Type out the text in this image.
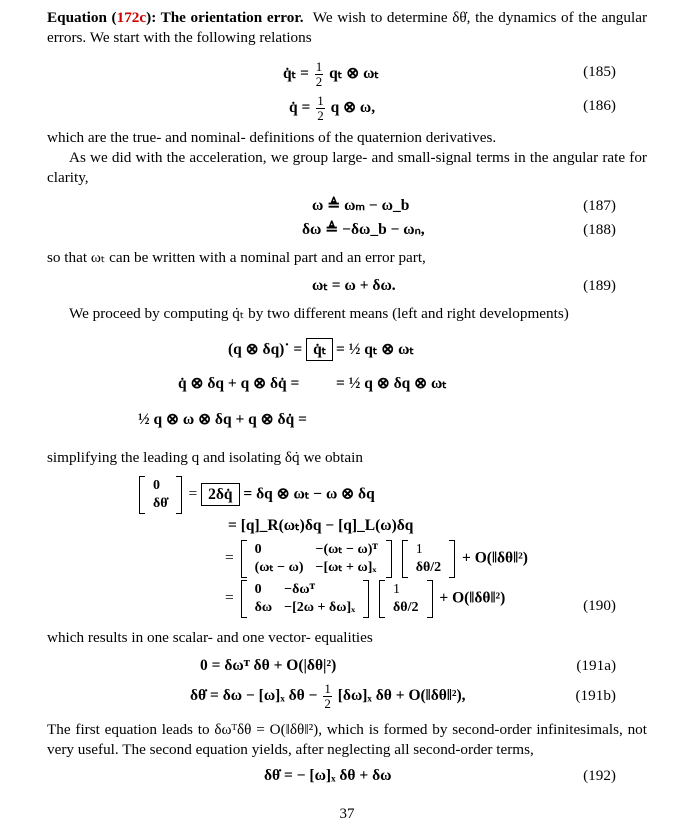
Equation (172c): The orientation error. We wish to determine δθ̇, the dynamics of the angular errors. We start with the following relations
q̇ₜ = $\frac{1}{2}$ qₜ ⊗ ωₜ	(185)
q̇ = $\frac{1}{2}$ q ⊗ ω,	(186)
which are the true- and nominal- definitions of the quaternion derivatives.
As we did with the acceleration, we group large- and small-signal terms in the angular rate for clarity,
ω ≜ ωₘ − ω_b	(187)
δω ≜ −δω_b − ωₙ,	(188)
so that ωₜ can be written with a nominal part and an error part,
ωₜ = ω + δω.	(189)
We proceed by computing q̇ₜ by two different means (left and right developments)
(q ⊗ δq)˙ = q̇ₜ = ½ qₜ ⊗ ωₜ
q̇ ⊗ δq + q ⊗ δq̇ = = ½ q ⊗ δq ⊗ ωₜ
½ q ⊗ ω ⊗ δq + q ⊗ δq̇ =
simplifying the leading q and isolating δq̇ we obtain
0
δθ̇
= 2δq̇ = δq ⊗ ωₜ − ω ⊗ δq
= [q]_R(ωₜ)δq − [q]_L(ω)δq
=
0	−(ωₜ − ω)ᵀ
(ωₜ − ω)	−[ωₜ + ω]ₓ

1
δθ/2
+ O(‖δθ‖²)
=
0	−δωᵀ
δω	−[2ω + δω]ₓ

1
δθ/2
+ O(‖δθ‖²)	(190)
which results in one scalar- and one vector- equalities
0 = δωᵀ δθ + O(|δθ|²)	(191a)
δθ̇ = δω − [ω]ₓ $\delta\theta - \frac{1}{2} [\delta\omega]_x$ δθ + O(‖δθ‖²),	(191b)
The first equation leads to δωᵀδθ = O(‖δθ‖²), which is formed by second-order infinitesimals, not very useful. The second equation yields, after neglecting all second-order terms,
δθ̇ = − [ω]ₓ δθ + δω	(192)
37
